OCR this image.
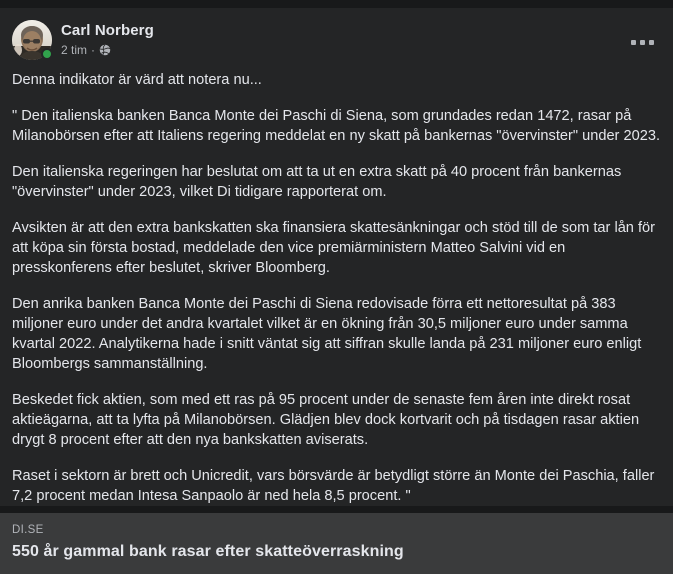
Carl Norberg
2 tim ·

Denna indikator är värd att notera nu...

" Den italienska banken Banca Monte dei Paschi di Siena, som grundades redan 1472, rasar på Milanobörsen efter att Italiens regering meddelat en ny skatt på bankernas "övervinster" under 2023.

Den italienska regeringen har beslutat om att ta ut en extra skatt på 40 procent från bankernas "övervinster" under 2023, vilket Di tidigare rapporterat om.

Avsikten är att den extra bankskatten ska finansiera skattesänkningar och stöd till de som tar lån för att köpa sin första bostad, meddelade den vice premiärministern Matteo Salvini vid en presskonferens efter beslutet, skriver Bloomberg.

Den anrika banken Banca Monte dei Paschi di Siena redovisade förra ett nettoresultat på 383 miljoner euro under det andra kvartalet vilket är en ökning från 30,5 miljoner euro under samma kvartal 2022. Analytikerna hade i snitt väntat sig att siffran skulle landa på 231 miljoner euro enligt Bloombergs sammanställning.

Beskedet fick aktien, som med ett ras på 95 procent under de senaste fem åren inte direkt rosat aktieägarna, att ta lyfta på Milanobörsen. Glädjen blev dock kortvarit och på tisdagen rasar aktien drygt 8 procent efter att den nya bankskatten aviserats.

Raset i sektorn är brett och Unicredit, vars börsvärde är betydligt större än Monte dei Paschia, faller 7,2 procent medan Intesa Sanpaolo är ned hela 8,5 procent. "

DI.SE
550 år gammal bank rasar efter skatteöverraskning
